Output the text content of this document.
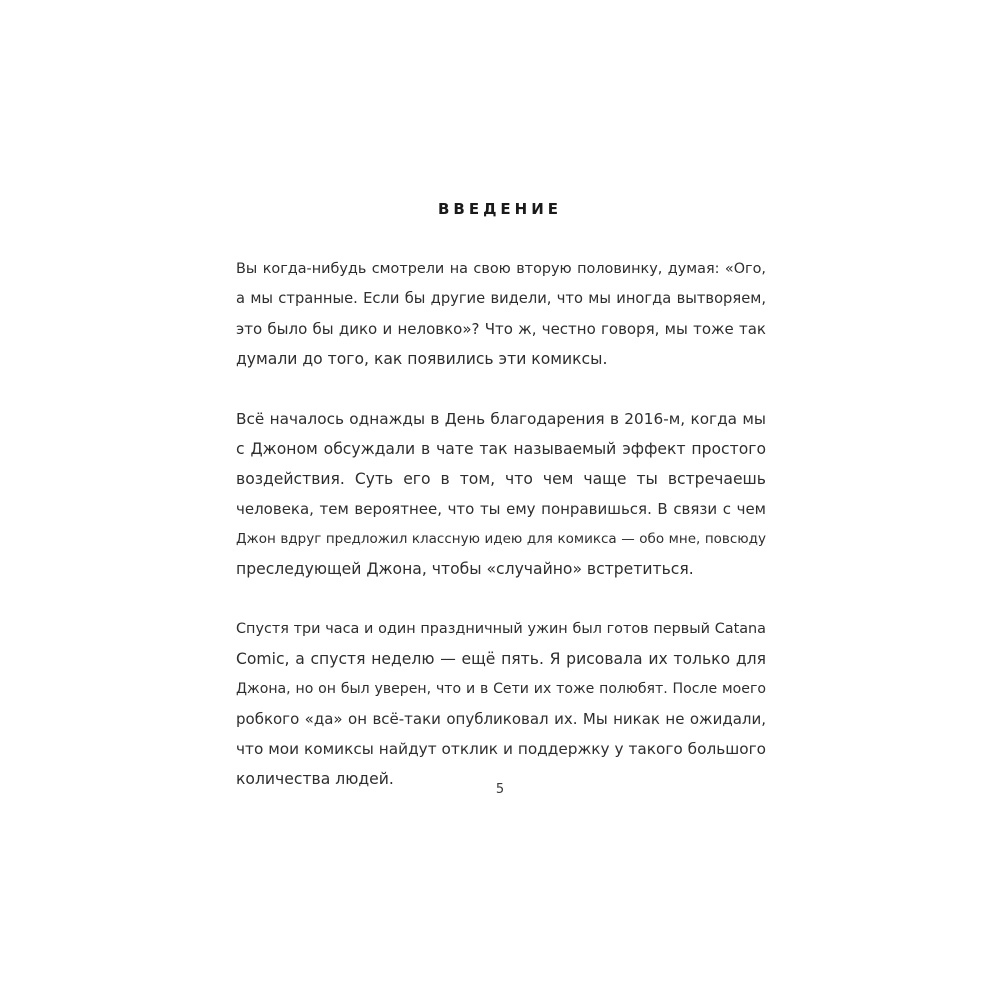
ВВЕДЕНИЕ
Вы когда-нибудь смотрели на свою вторую половинку, думая: «Ого,
а мы странные. Если бы другие видели, что мы иногда вытворяем,
это было бы дико и неловко»? Что ж, честно говоря, мы тоже так
думали до того, как появились эти комиксы.
Всё началось однажды в День благодарения в 2016-м, когда мы
с Джоном обсуждали в чате так называемый эффект простого
воздействия. Суть его в том, что чем чаще ты встречаешь
человека, тем вероятнее, что ты ему понравишься. В связи с чем
Джон вдруг предложил классную идею для комикса — обо мне, повсюду
преследующей Джона, чтобы «случайно» встретиться.
Спустя три часа и один праздничный ужин был готов первый Catana
Comic, а спустя неделю — ещё пять. Я рисовала их только для
Джона, но он был уверен, что и в Сети их тоже полюбят. После моего
робкого «да» он всё-таки опубликовал их. Мы никак не ожидали,
что мои комиксы найдут отклик и поддержку у такого большого
количества людей.
5
